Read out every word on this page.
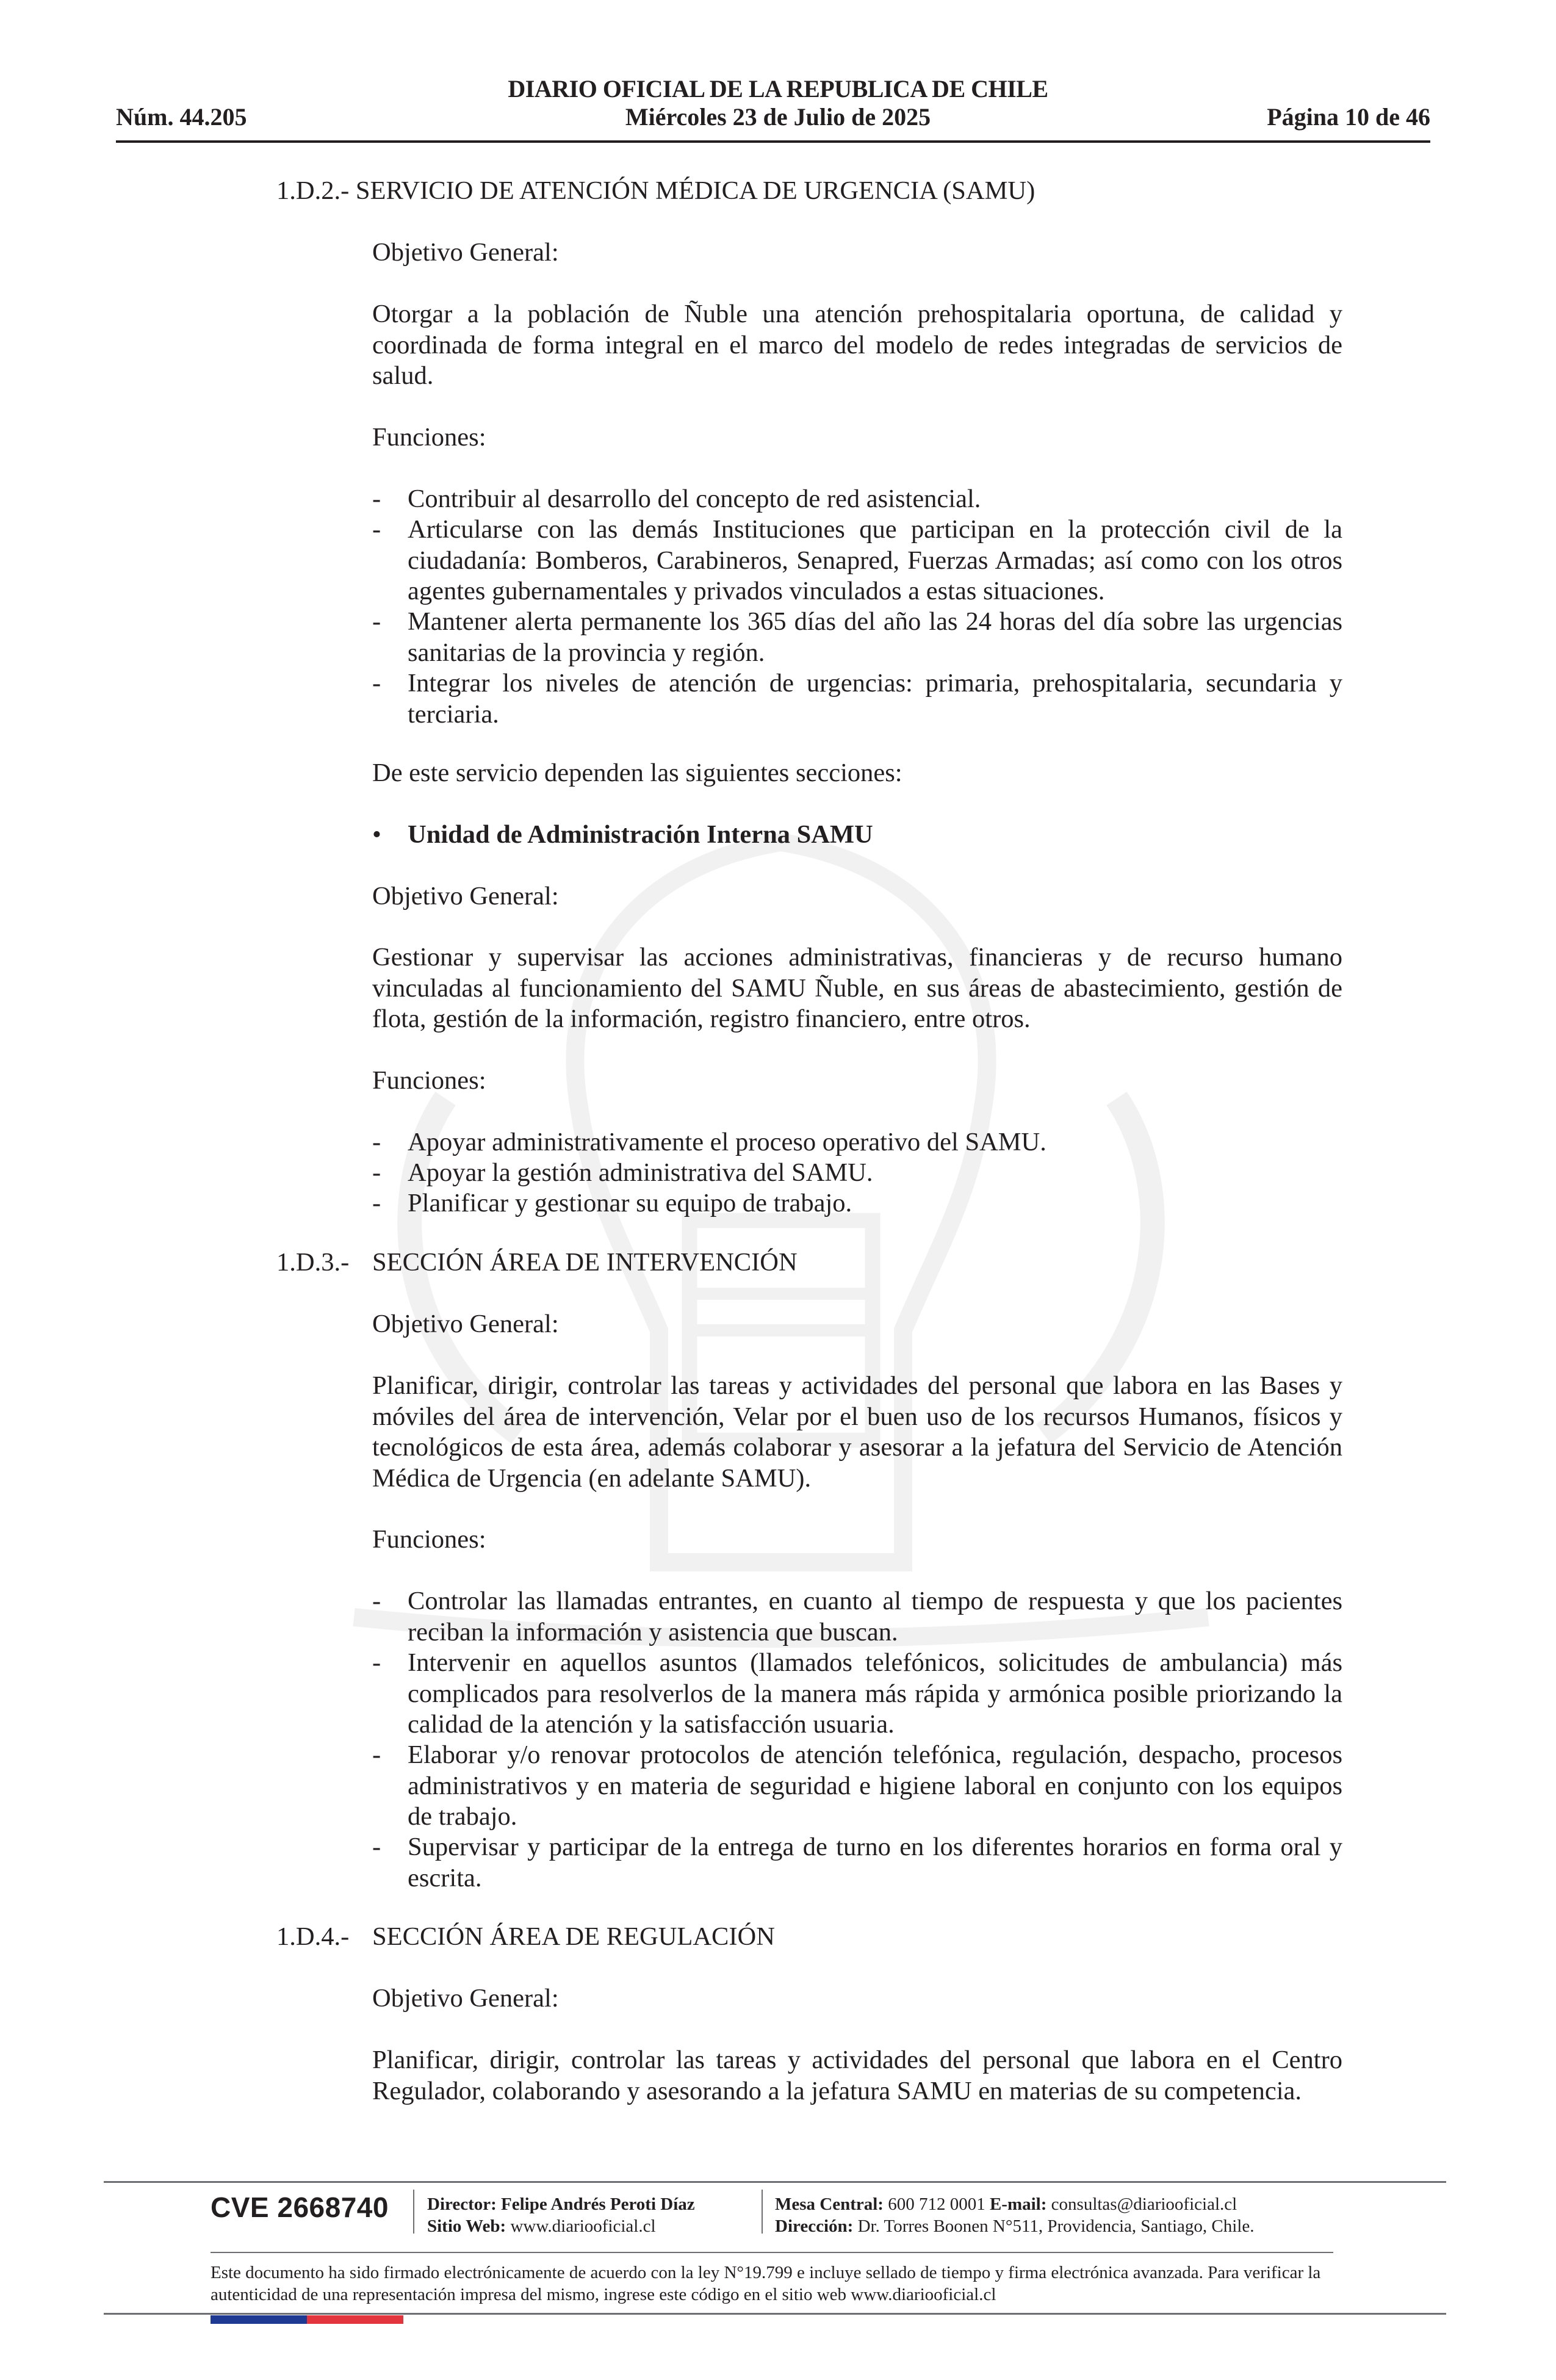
DIARIO OFICIAL DE LA REPUBLICA DE CHILE
Núm. 44.205	Miércoles 23 de Julio de 2025	Página 10 de 46
1.D.2.- SERVICIO DE ATENCIÓN MÉDICA DE URGENCIA (SAMU)
Objetivo General:
Otorgar a la población de Ñuble una atención prehospitalaria oportuna, de calidad y coordinada de forma integral en el marco del modelo de redes integradas de servicios de salud.
Funciones:
- Contribuir al desarrollo del concepto de red asistencial.
- Articularse con las demás Instituciones que participan en la protección civil de la ciudadanía: Bomberos, Carabineros, Senapred, Fuerzas Armadas; así como con los otros agentes gubernamentales y privados vinculados a estas situaciones.
- Mantener alerta permanente los 365 días del año las 24 horas del día sobre las urgencias sanitarias de la provincia y región.
- Integrar los niveles de atención de urgencias: primaria, prehospitalaria, secundaria y terciaria.
De este servicio dependen las siguientes secciones:
• Unidad de Administración Interna SAMU
Objetivo General:
Gestionar y supervisar las acciones administrativas, financieras y de recurso humano vinculadas al funcionamiento del SAMU Ñuble, en sus áreas de abastecimiento, gestión de flota, gestión de la información, registro financiero, entre otros.
Funciones:
- Apoyar administrativamente el proceso operativo del SAMU.
- Apoyar la gestión administrativa del SAMU.
- Planificar y gestionar su equipo de trabajo.
1.D.3.- SECCIÓN ÁREA DE INTERVENCIÓN
Objetivo General:
Planificar, dirigir, controlar las tareas y actividades del personal que labora en las Bases y móviles del área de intervención, Velar por el buen uso de los recursos Humanos, físicos y tecnológicos de esta área, además colaborar y asesorar a la jefatura del Servicio de Atención Médica de Urgencia (en adelante SAMU).
Funciones:
- Controlar las llamadas entrantes, en cuanto al tiempo de respuesta y que los pacientes reciban la información y asistencia que buscan.
- Intervenir en aquellos asuntos (llamados telefónicos, solicitudes de ambulancia) más complicados para resolverlos de la manera más rápida y armónica posible priorizando la calidad de la atención y la satisfacción usuaria.
- Elaborar y/o renovar protocolos de atención telefónica, regulación, despacho, procesos administrativos y en materia de seguridad e higiene laboral en conjunto con los equipos de trabajo.
- Supervisar y participar de la entrega de turno en los diferentes horarios en forma oral y escrita.
1.D.4.- SECCIÓN ÁREA DE REGULACIÓN
Objetivo General:
Planificar, dirigir, controlar las tareas y actividades del personal que labora en el Centro Regulador, colaborando y asesorando a la jefatura SAMU en materias de su competencia.
CVE 2668740 Director: Felipe Andrés Peroti Díaz
Sitio Web: www.diariooficial.cl
Mesa Central: 600 712 0001 E-mail: consultas@diariooficial.cl
Dirección: Dr. Torres Boonen N°511, Providencia, Santiago, Chile.
Este documento ha sido firmado electrónicamente de acuerdo con la ley N°19.799 e incluye sellado de tiempo y firma electrónica avanzada. Para verificar la autenticidad de una representación impresa del mismo, ingrese este código en el sitio web www.diariooficial.cl
